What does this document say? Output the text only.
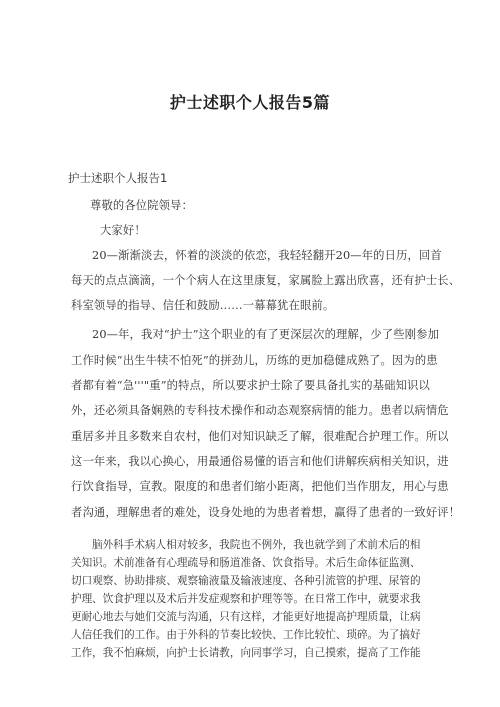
护士述职个人报告5篇

护士述职个人报告1

尊敬的各位院领导：

大家好！

20—渐渐淡去，怀着的淡淡的依恋，我轻轻翻开20—年的日历，回首

每天的点点滴滴，一个个病人在这里康复，家属脸上露出欣喜，还有护士长、

科室领导的指导、信任和鼓励……一幕幕犹在眼前。

20—年，我对“护士”这个职业的有了更深层次的理解，少了些刚参加

工作时候“出生牛犊不怕死”的拼劲儿，历练的更加稳健成熟了。因为的患

者都有着“急'''"重”的特点，所以要求护士除了要具备扎实的基础知识以

外，还必须具备娴熟的专科技术操作和动态观察病情的能力。患者以病情危

重居多并且多数来自农村，他们对知识缺乏了解，很难配合护理工作。所以

这一年来，我以心换心，用最通俗易懂的语言和他们讲解疾病相关知识，进

行饮食指导，宣教。限度的和患者们缩小距离，把他们当作朋友，用心与患

者沟通，理解患者的难处，设身处地的为患者着想，赢得了患者的一致好评！

脑外科手术病人相对较多，我院也不例外，我也就学到了术前术后的相

关知识。术前准备有心理疏导和肠道准备、饮食指导。术后生命体征监测、

切口观察、协助排痰、观察输液量及输液速度、各种引流管的护理、尿管的

护理、饮食护理以及术后并发症观察和护理等等。在日常工作中，就要求我

更耐心地去与她们交流与沟通，只有这样，才能更好地提高护理质量，让病

人信任我们的工作。由于外科的节奏比较快、工作比较忙、琐碎。为了搞好

工作，我不怕麻烦，向护士长请教，向同事学习，自己摸索，提高了工作能
